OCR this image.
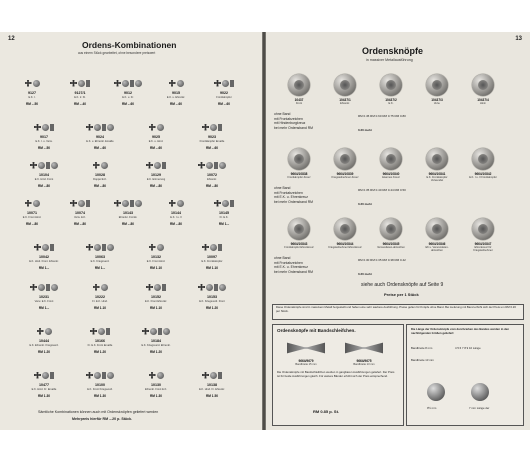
12
Ordens-Kombinationen
aus einem Stück gearbeitet, ohne besondere preiswert
9127
E.K. I.
RM –.50
9127/1
E.K. 2. Kl.
RM –.40
9012
E.K. u. Fr.
RM –.60
9015
E.K. u. Ehrenkr.
RM –.60
9022
Frontkämpfer
RM –.60
9017
E.K. I. u. Verw.
RM –.50
9024
E.K. u. Ehrenkr. Emaille
RM –.60
9025
E.K. u. Hind.
RM –.60
9023
Frontkämpfer Emaille
RM –.60
10104
E.K. Hind. Front
RM –.80
10028
Doppel E.K.
RM –.80
10129
E.K. Erinnerung
RM –.80
10072
Ehrenkr.
RM –.80
10071
E.K. Front Hind.
RM –.80
10074
Verw. E.K.
RM –.80
10143
Ehrenkr. Frontk.
RM –.80
10144
E.K. I u. II
RM –.80
10145
Fr. E.K.
RM 1.–
10042
E.K. Hind. Front. Ehrenkr.
RM 1.–
10063
E.K. Kriegsverd.
RM 1.–
10132
E.K. Front Hind.
RM 1.10
10097
E.K. Frontkämpfer
RM 1.10
10231
Verw. E.K. Front
RM 1.–
10222
Fr. E.K. Hind.
RM 1.10
10152
E.K. Front Ehrenkr.
RM 1.10
10153
E.K. Kriegsverd. Front
RM 1.20
10444
E.K. Ehrenkr. Kriegsverd.
RM 1.20
10166
Fr. E.K. Front Emaille
RM 1.20
10184
E.K. Kriegsverd. Ehrenkr.
RM 1.20
10477
E.K. Hind. Fr. Emaille
RM 1.30
10100
E.K. Front Kriegsverd.
RM 1.30
10130
Ehrenkr. Front E.K.
RM 1.30
10138
E.K. Hind. Fr. Ehrenkr.
RM 1.50
Sämtliche Kombinationen können auch mit Ordensknöpfen geliefert werden
Mehrpreis hierfür RM –.20 p. Stück.
13
Ordensknöpfe
in massiver Metallausführung
10437
Front
10437/1
Ehrenkr.
10437/2
E.K.
10437/3
Verw.
10437/4
Hind.
ohne Band
mit Frontabzeichen
mit Hindenburgkreuz
bei mehr Ordensband RM
RM 0.45 RM 0.60 RM 0.75 RM 0.80
0.20 mehr
9664/10838
Frontkämpfer-Kreuz
9664/10839
Kriegsteilnehmer-Kreuz
9664/10840
Eisernes Kreuz
9664/10841
E.K. Frontkämpfer Verwundet
9664/10842
E.K. I u. II Frontkämpfer
ohne Band
mit Frontabzeichen
mit E.K. u. Ehrenkreuz
bei mehr Ordensband RM
RM 0.35 RM 0.40 RM 0.44 RM 0.50
0.20 mehr
9664/10843
Frontkämpfer Ehrenkreuz
9664/10844
Kriegsteilnehmer Ehrenkreuz
9664/10845
Verwundeten-abzeichen
9664/10846
EK u. Verwundeten-abzeichen
9664/10847
Ehrenkreuz für Kriegsteilnehmer
ohne Band
mit Frontabzeichen
mit E.K. u. Ehrenkreuz
bei mehr Ordensband RM
RM 0.30 RM 0.35 RM 0.38 RM 0.42
0.20 mehr
siehe auch Ordensknöpfe auf Seite 9
Preise per 1 Stück
Diese Ordensknöpfe sind in massivem Metall hergestellt und haben eine sehr saubere Ausführung. Preise gelten für Knöpfe ohne Band. Bei Lieferung mit Band erhöht sich der Preis um RM 0.20 per Stück.
Ordensknöpfe mit Bandschleifchen.
9664/9679
Bandbreite 15 mm
9664/9675
Bandbreite 13 mm
Die Ordensknöpfe mit Bandschleifchen werden in gangbaren Ausführungen geliefert. Der Preis ist für beide Ausführungen gleich. Für weitere Bänder erhöht sich der Preis entsprechend.
RM 0.85 p. St.
Die Länge der Ordensknöpfe vom durchziehen des Bandes werden in den nachfolgenden Größen geliefert:
Bandbreite 8 mm	4 5 6 7 8 9 10 Länge
Bandbreite 13 mm
9½ mm	7 mm Länge der
